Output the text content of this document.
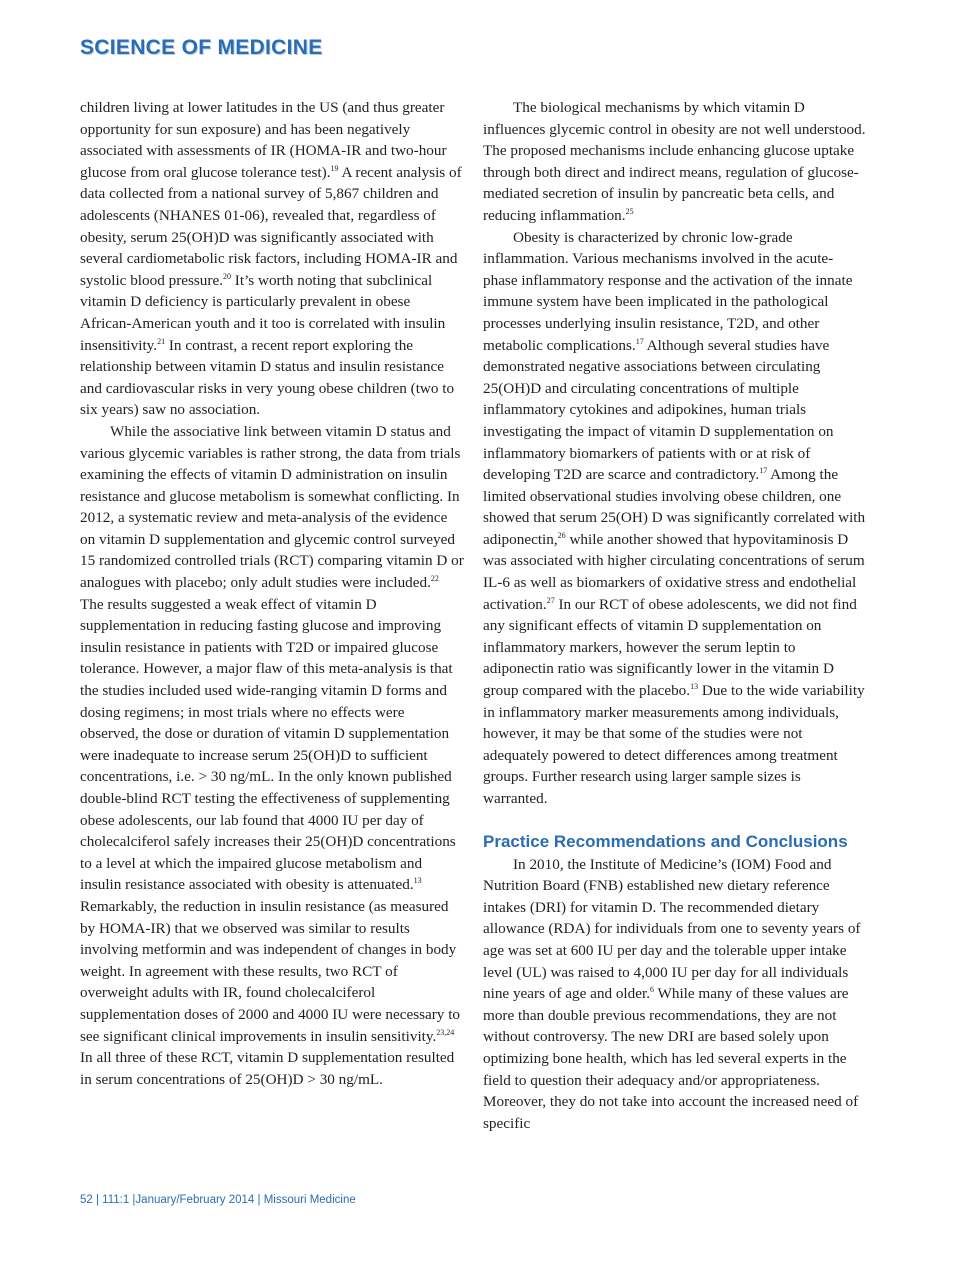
SCIENCE OF MEDICINE

children living at lower latitudes in the US (and thus greater opportunity for sun exposure) and has been negatively associated with assessments of IR (HOMA-IR and two-hour glucose from oral glucose tolerance test).$^{19}$ A recent analysis of data collected from a national survey of 5,867 children and adolescents (NHANES 01-06), revealed that, regardless of obesity, serum 25(OH)D was significantly associated with several cardiometabolic risk factors, including HOMA-IR and systolic blood pressure.$^{20}$ It’s worth noting that subclinical vitamin D deficiency is particularly prevalent in obese African-American youth and it too is correlated with insulin insensitivity.$^{21}$ In contrast, a recent report exploring the relationship between vitamin D status and insulin resistance and cardiovascular risks in very young obese children (two to six years) saw no association.

While the associative link between vitamin D status and various glycemic variables is rather strong, the data from trials examining the effects of vitamin D administration on insulin resistance and glucose metabolism is somewhat conflicting. In 2012, a systematic review and meta-analysis of the evidence on vitamin D supplementation and glycemic control surveyed 15 randomized controlled trials (RCT) comparing vitamin D or analogues with placebo; only adult studies were included.$^{22}$ The results suggested a weak effect of vitamin D supplementation in reducing fasting glucose and improving insulin resistance in patients with T2D or impaired glucose tolerance. However, a major flaw of this meta-analysis is that the studies included used wide-ranging vitamin D forms and dosing regimens; in most trials where no effects were observed, the dose or duration of vitamin D supplementation were inadequate to increase serum 25(OH)D to sufficient concentrations, i.e. > 30 ng/mL. In the only known published double-blind RCT testing the effectiveness of supplementing obese adolescents, our lab found that 4000 IU per day of cholecalciferol safely increases their 25(OH)D concentrations to a level at which the impaired glucose metabolism and insulin resistance associated with obesity is attenuated.$^{13}$ Remarkably, the reduction in insulin resistance (as measured by HOMA-IR) that we observed was similar to results involving metformin and was independent of changes in body weight. In agreement with these results, two RCT of overweight adults with IR, found cholecalciferol supplementation doses of 2000 and 4000 IU were necessary to see significant clinical improvements in insulin sensitivity.$^{23,24}$ In all three of these RCT, vitamin D supplementation resulted in serum concentrations of 25(OH)D > 30 ng/mL.

The biological mechanisms by which vitamin D influences glycemic control in obesity are not well understood. The proposed mechanisms include enhancing glucose uptake through both direct and indirect means, regulation of glucose-mediated secretion of insulin by pancreatic beta cells, and reducing inflammation.$^{25}$

Obesity is characterized by chronic low-grade inflammation. Various mechanisms involved in the acute-phase inflammatory response and the activation of the innate immune system have been implicated in the pathological processes underlying insulin resistance, T2D, and other metabolic complications.$^{17}$ Although several studies have demonstrated negative associations between circulating 25(OH)D and circulating concentrations of multiple inflammatory cytokines and adipokines, human trials investigating the impact of vitamin D supplementation on inflammatory biomarkers of patients with or at risk of developing T2D are scarce and contradictory.$^{17}$ Among the limited observational studies involving obese children, one showed that serum 25(OH) D was significantly correlated with adiponectin,$^{26}$ while another showed that hypovitaminosis D was associated with higher circulating concentrations of serum IL-6 as well as biomarkers of oxidative stress and endothelial activation.$^{27}$ In our RCT of obese adolescents, we did not find any significant effects of vitamin D supplementation on inflammatory markers, however the serum leptin to adiponectin ratio was significantly lower in the vitamin D group compared with the placebo.$^{13}$ Due to the wide variability in inflammatory marker measurements among individuals, however, it may be that some of the studies were not adequately powered to detect differences among treatment groups. Further research using larger sample sizes is warranted.

Practice Recommendations and Conclusions

In 2010, the Institute of Medicine’s (IOM) Food and Nutrition Board (FNB) established new dietary reference intakes (DRI) for vitamin D. The recommended dietary allowance (RDA) for individuals from one to seventy years of age was set at 600 IU per day and the tolerable upper intake level (UL) was raised to 4,000 IU per day for all individuals nine years of age and older.$^6$ While many of these values are more than double previous recommendations, they are not without controversy. The new DRI are based solely upon optimizing bone health, which has led several experts in the field to question their adequacy and/or appropriateness. Moreover, they do not take into account the increased need of specific

52 | 111:1 |January/February 2014 | Missouri Medicine
